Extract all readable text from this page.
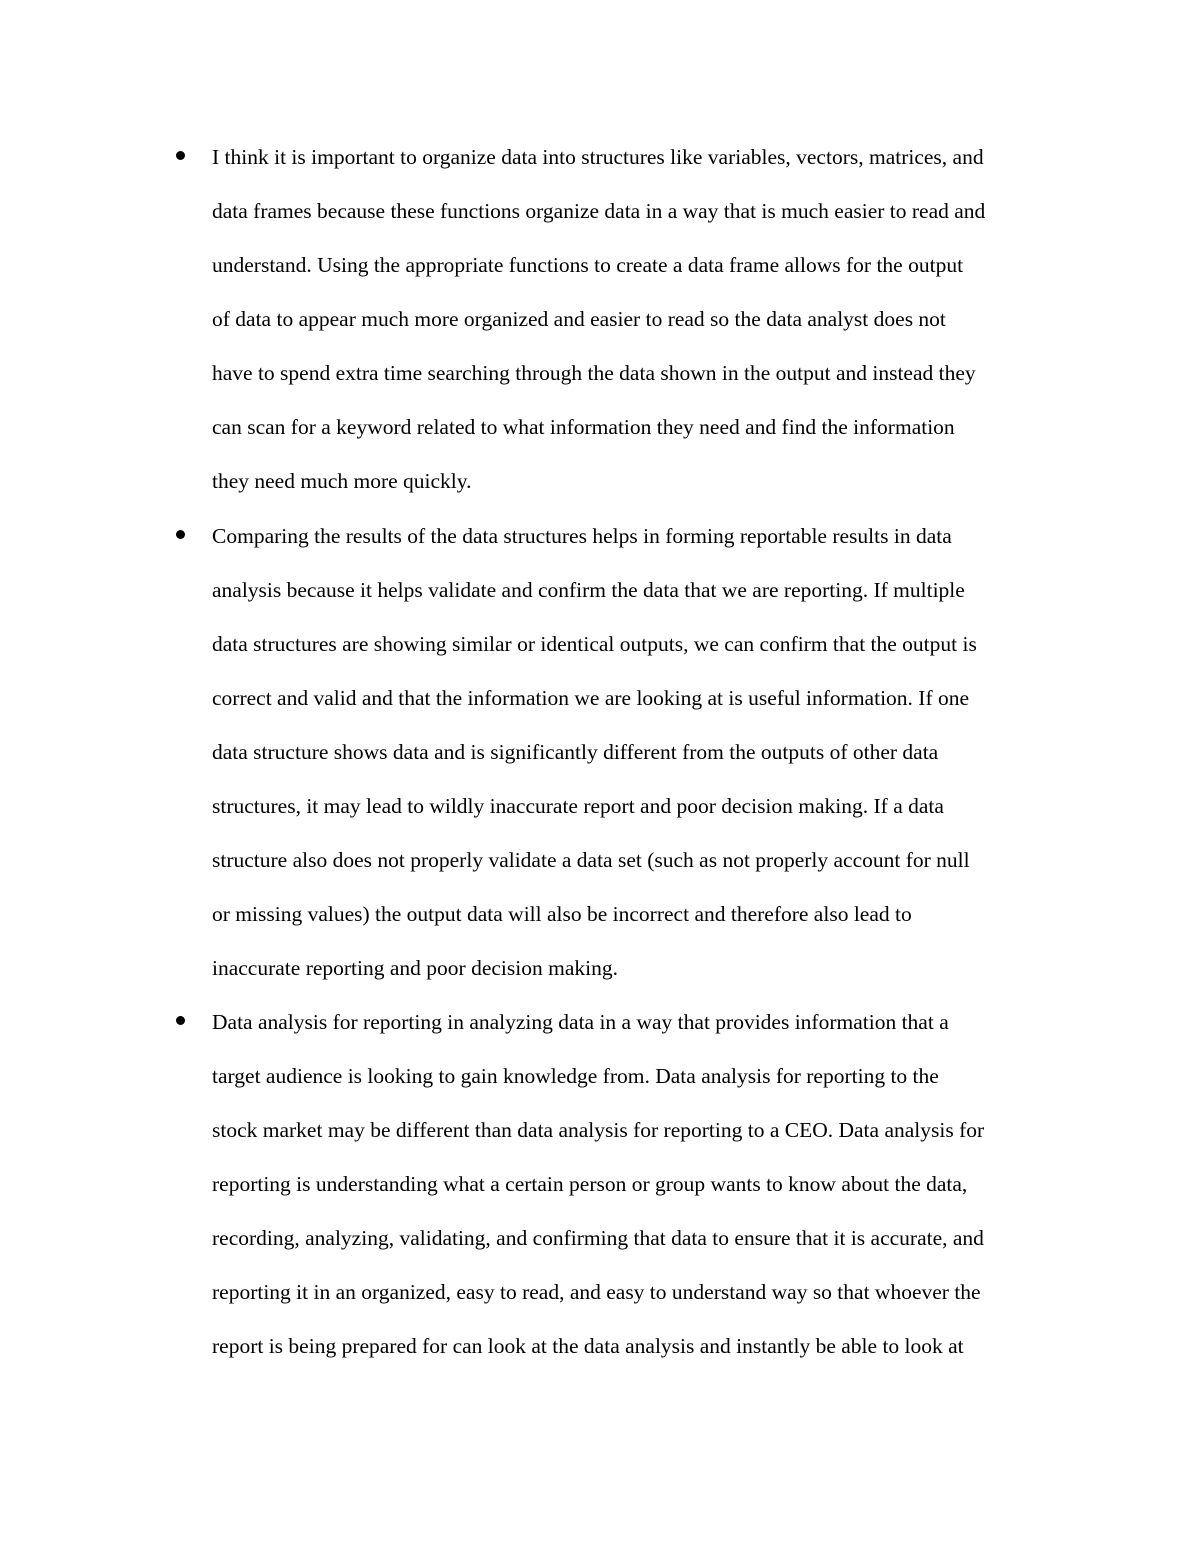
I think it is important to organize data into structures like variables, vectors, matrices, and
data frames because these functions organize data in a way that is much easier to read and
understand. Using the appropriate functions to create a data frame allows for the output
of data to appear much more organized and easier to read so the data analyst does not
have to spend extra time searching through the data shown in the output and instead they
can scan for a keyword related to what information they need and find the information
they need much more quickly.
Comparing the results of the data structures helps in forming reportable results in data
analysis because it helps validate and confirm the data that we are reporting. If multiple
data structures are showing similar or identical outputs, we can confirm that the output is
correct and valid and that the information we are looking at is useful information. If one
data structure shows data and is significantly different from the outputs of other data
structures, it may lead to wildly inaccurate report and poor decision making. If a data
structure also does not properly validate a data set (such as not properly account for null
or missing values) the output data will also be incorrect and therefore also lead to
inaccurate reporting and poor decision making.
Data analysis for reporting in analyzing data in a way that provides information that a
target audience is looking to gain knowledge from. Data analysis for reporting to the
stock market may be different than data analysis for reporting to a CEO. Data analysis for
reporting is understanding what a certain person or group wants to know about the data,
recording, analyzing, validating, and confirming that data to ensure that it is accurate, and
reporting it in an organized, easy to read, and easy to understand way so that whoever the
report is being prepared for can look at the data analysis and instantly be able to look at
